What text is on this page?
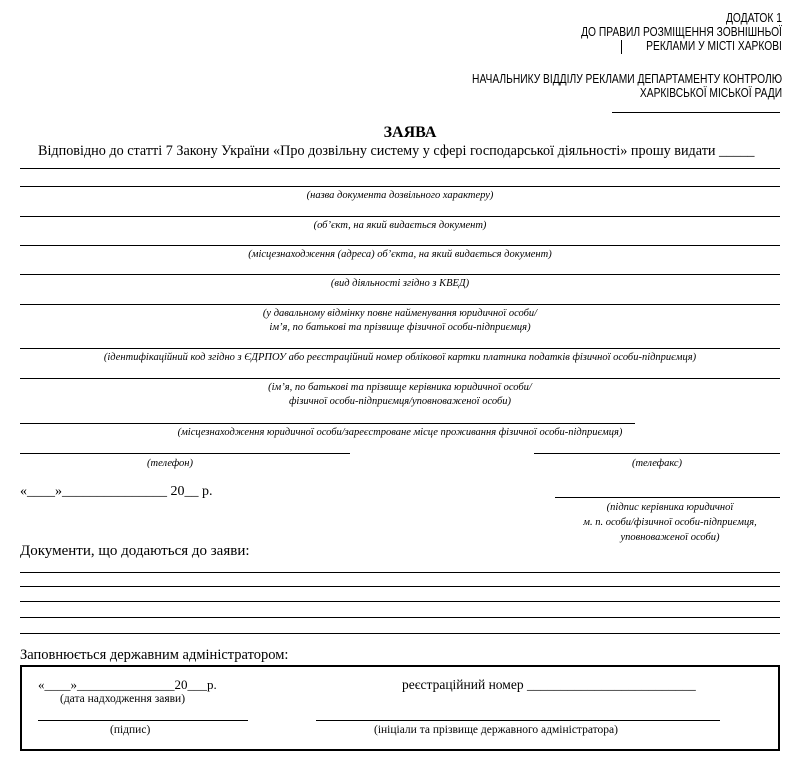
ДОДАТОК 1
ДО ПРАВИЛ РОЗМІЩЕННЯ ЗОВНІШНЬОЇ
РЕКЛАМИ У МІСТІ ХАРКОВІ
НАЧАЛЬНИКУ ВІДДІЛУ РЕКЛАМИ ДЕПАРТАМЕНТУ КОНТРОЛЮ
ХАРКІВСЬКОЇ МІСЬКОЇ РАДИ
ЗАЯВА
Відповідно до статті 7 Закону України «Про дозвільну систему у сфері господарської діяльності» прошу видати _____
(назва документа дозвільного характеру)
(об’єкт, на який видається документ)
(місцезнаходження (адреса) об’єкта, на який видається документ)
(вид діяльності згідно з КВЕД)
(у давальному відмінку повне найменування юридичної особи/
ім’я, по батькові та прізвище фізичної особи-підприємця)
(ідентифікаційний код згідно з ЄДРПОУ або реєстраційний номер облікової картки платника податків фізичної особи-підприємця)
(ім’я, по батькові та прізвище керівника юридичної особи/
фізичної особи-підприємця/уповноваженої особи)
(місцезнаходження юридичної особи/зареєстроване місце проживання фізичної особи-підприємця)
(телефон)	(телефакс)
«____»_______________ 20__ р.
(підпис керівника юридичної
м. п. особи/фізичної особи-підприємця,
уповноваженої особи)
Документи, що додаються до заяви:
Заповнюється державним адміністратором:
«____»_______________20___р.
(дата надходження заяви)
реєстраційний номер _________________________
(підпис)	(ініціали та прізвище державного адміністратора)
